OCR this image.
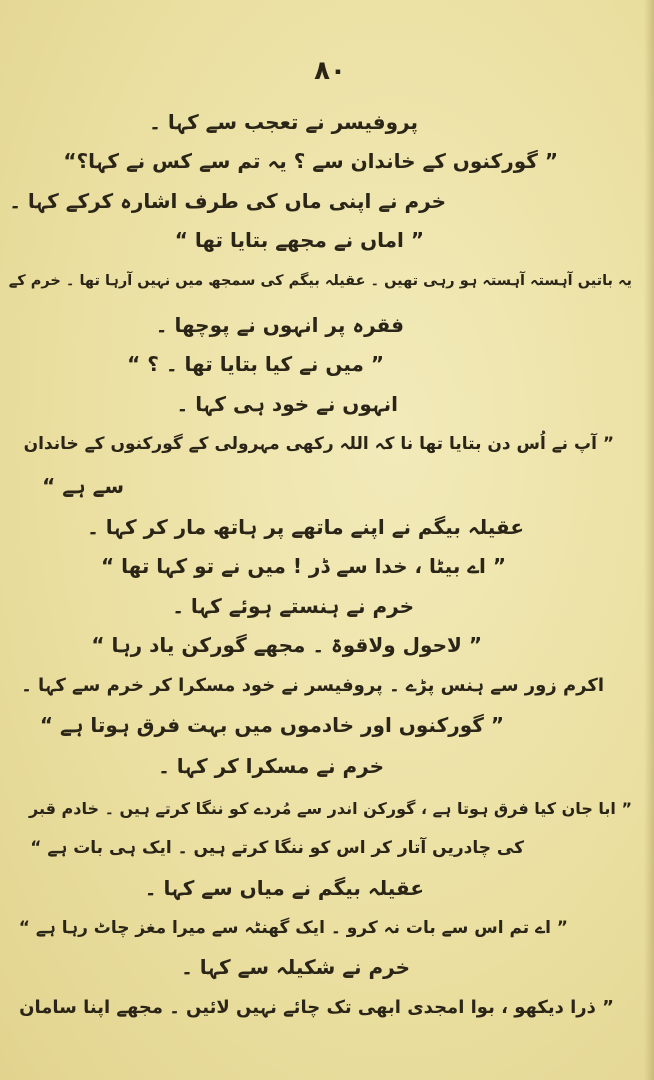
۸۰
پروفیسر نے تعجب سے کہا ۔
” گورکنوں کے خاندان سے ؟ یہ تم سے کس نے کہا؟“
خرم نے اپنی ماں کی طرف اشارہ کرکے کہا ۔
” اماں نے مجھے بتایا تھا “
یہ باتیں آہستہ آہستہ ہو رہی تھیں ۔ عقیلہ بیگم کی سمجھ میں نہیں آرہا تھا ۔ خرم کے
فقرہ پر انہوں نے پوچھا ۔
” میں نے کیا بتایا تھا ۔ ؟ “
انہوں نے خود ہی کہا ۔
” آپ نے اُس دن بتایا تھا نا کہ اللہ رکھی مہرولی کے گورکنوں کے خاندان
سے ہے “
عقیلہ بیگم نے اپنے ماتھے پر ہاتھ مار کر کہا ۔
” اے بیٹا ، خدا سے ڈر ! میں نے تو کہا تھا “
خرم نے ہنستے ہوئے کہا ۔
” لاحول ولاقوۃ ۔ مجھے گورکن یاد رہا “
اکرم زور سے ہنس پڑے ۔ پروفیسر نے خود مسکرا کر خرم سے کہا ۔
” گورکنوں اور خادموں میں بہت فرق ہوتا ہے “
خرم نے مسکرا کر کہا ۔
” ابا جان کیا فرق ہوتا ہے ، گورکن اندر سے مُردے کو ننگا کرتے ہیں ۔ خادم قبر
کی چادریں آتار کر اس کو ننگا کرتے ہیں ۔ ایک ہی بات ہے “
عقیلہ بیگم نے میاں سے کہا ۔
” اے تم اس سے بات نہ کرو ۔ ایک گھنٹہ سے میرا مغز چاٹ رہا ہے “
خرم نے شکیلہ سے کہا ۔
” ذرا دیکھو ، بوا امجدی ابھی تک چائے نہیں لائیں ۔ مجھے اپنا سامان
